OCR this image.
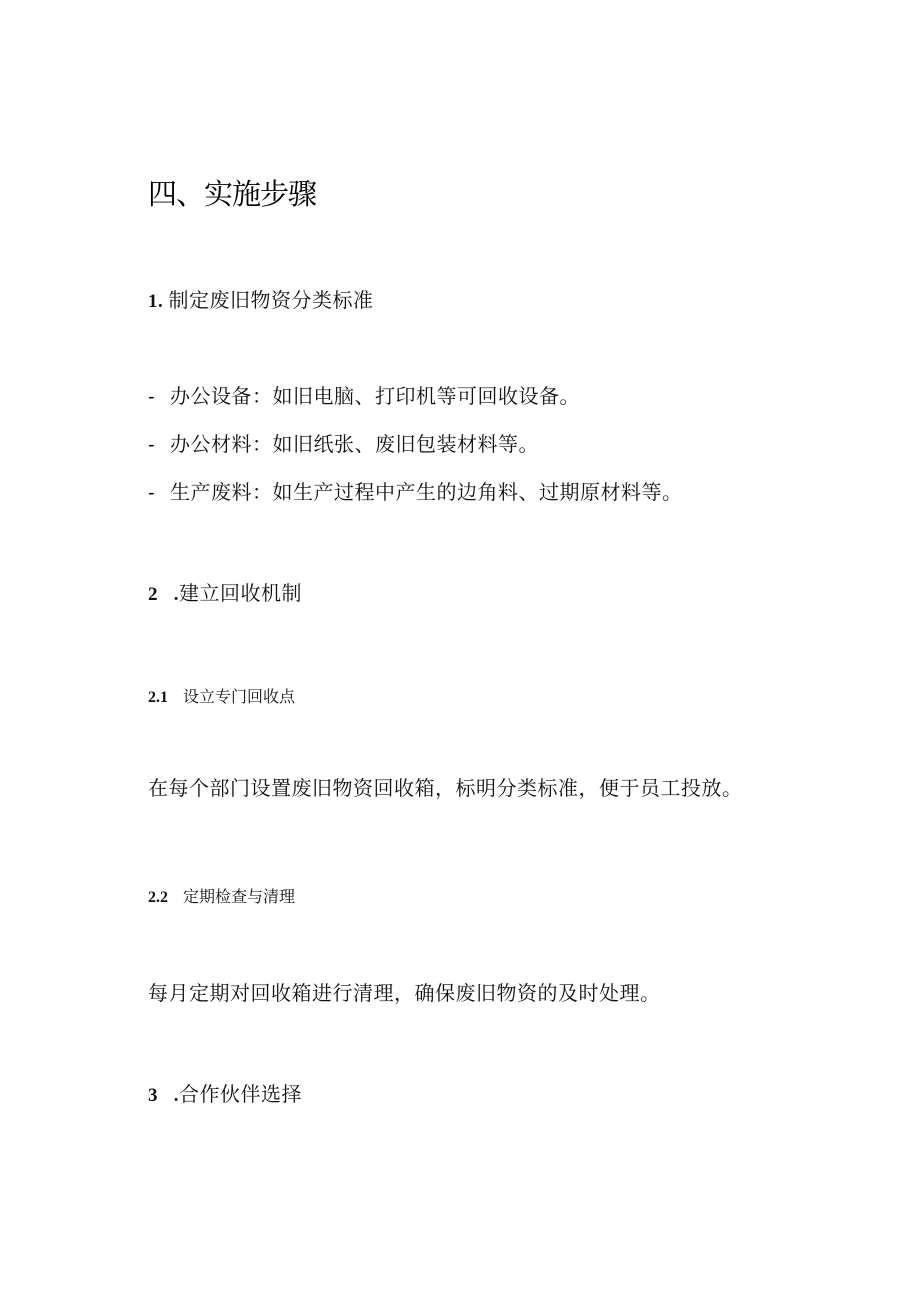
四、实施步骤
1. 制定废旧物资分类标准
- 办公设备：如旧电脑、打印机等可回收设备。
- 办公材料：如旧纸张、废旧包装材料等。
- 生产废料：如生产过程中产生的边角料、过期原材料等。
2   .建立回收机制
2.1 设立专门回收点
在每个部门设置废旧物资回收箱，标明分类标准，便于员工投放。
2.2 定期检查与清理
每月定期对回收箱进行清理，确保废旧物资的及时处理。
3   .合作伙伴选择
